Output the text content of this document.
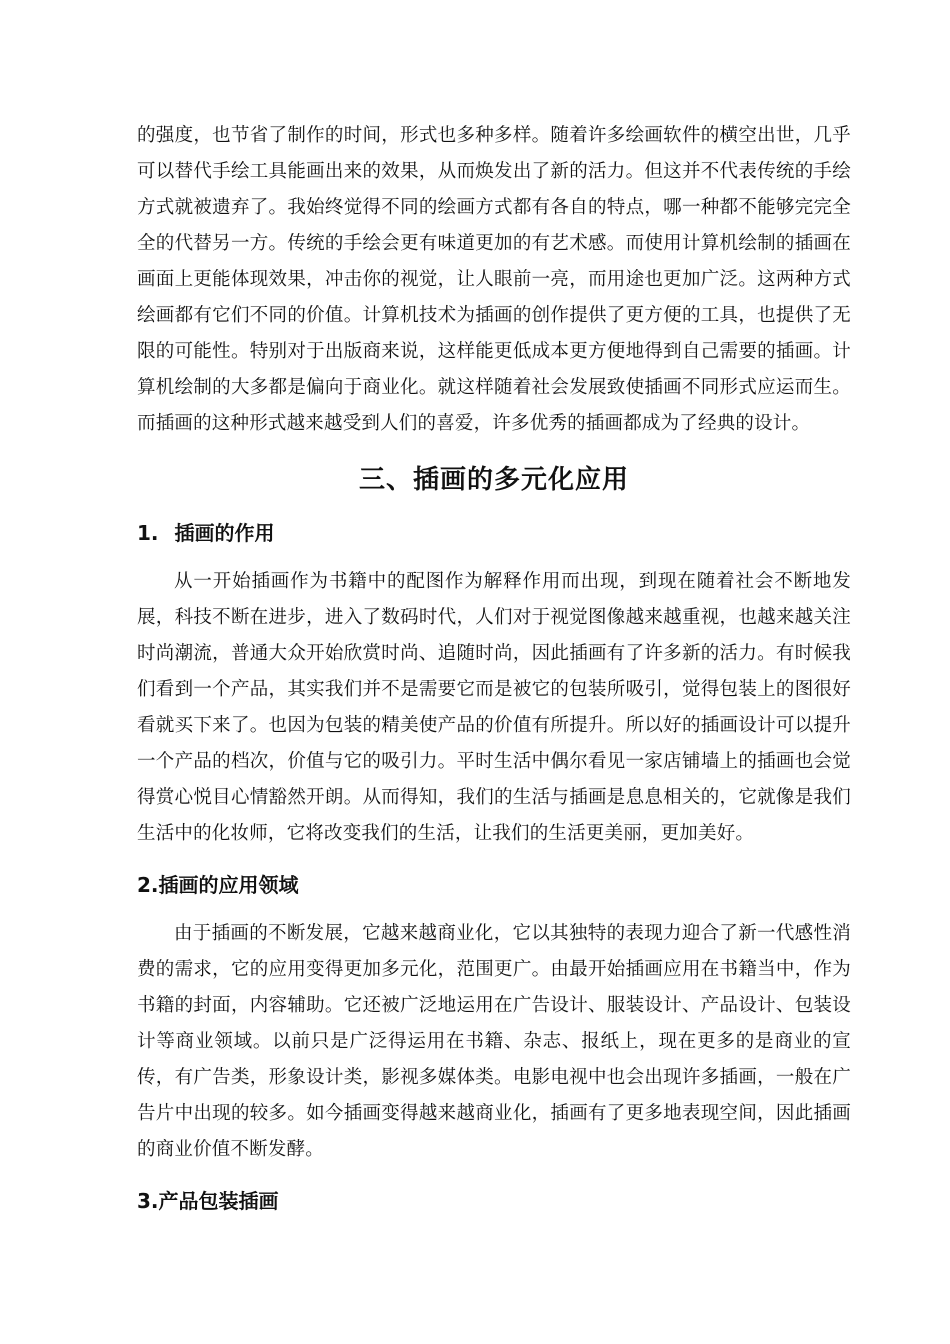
的强度，也节省了制作的时间，形式也多种多样。随着许多绘画软件的横空出世，几乎可以替代手绘工具能画出来的效果，从而焕发出了新的活力。但这并不代表传统的手绘方式就被遗弃了。我始终觉得不同的绘画方式都有各自的特点，哪一种都不能够完完全全的代替另一方。传统的手绘会更有味道更加的有艺术感。而使用计算机绘制的插画在画面上更能体现效果，冲击你的视觉，让人眼前一亮，而用途也更加广泛。这两种方式绘画都有它们不同的价值。计算机技术为插画的创作提供了更方便的工具，也提供了无限的可能性。特别对于出版商来说，这样能更低成本更方便地得到自己需要的插画。计算机绘制的大多都是偏向于商业化。就这样随着社会发展致使插画不同形式应运而生。而插画的这种形式越来越受到人们的喜爱，许多优秀的插画都成为了经典的设计。

三、插画的多元化应用
1. 插画的作用

从一开始插画作为书籍中的配图作为解释作用而出现，到现在随着社会不断地发展，科技不断在进步，进入了数码时代，人们对于视觉图像越来越重视，也越来越关注时尚潮流，普通大众开始欣赏时尚、追随时尚，因此插画有了许多新的活力。有时候我们看到一个产品，其实我们并不是需要它而是被它的包装所吸引，觉得包装上的图很好看就买下来了。也因为包装的精美使产品的价值有所提升。所以好的插画设计可以提升一个产品的档次，价值与它的吸引力。平时生活中偶尔看见一家店铺墙上的插画也会觉得赏心悦目心情豁然开朗。从而得知，我们的生活与插画是息息相关的，它就像是我们生活中的化妆师，它将改变我们的生活，让我们的生活更美丽，更加美好。

2.插画的应用领域

由于插画的不断发展，它越来越商业化，它以其独特的表现力迎合了新一代感性消费的需求，它的应用变得更加多元化，范围更广。由最开始插画应用在书籍当中，作为书籍的封面，内容辅助。它还被广泛地运用在广告设计、服装设计、产品设计、包装设计等商业领域。以前只是广泛得运用在书籍、杂志、报纸上，现在更多的是商业的宣传，有广告类，形象设计类，影视多媒体类。电影电视中也会出现许多插画，一般在广告片中出现的较多。如今插画变得越来越商业化，插画有了更多地表现空间，因此插画的商业价值不断发酵。

3.产品包装插画
